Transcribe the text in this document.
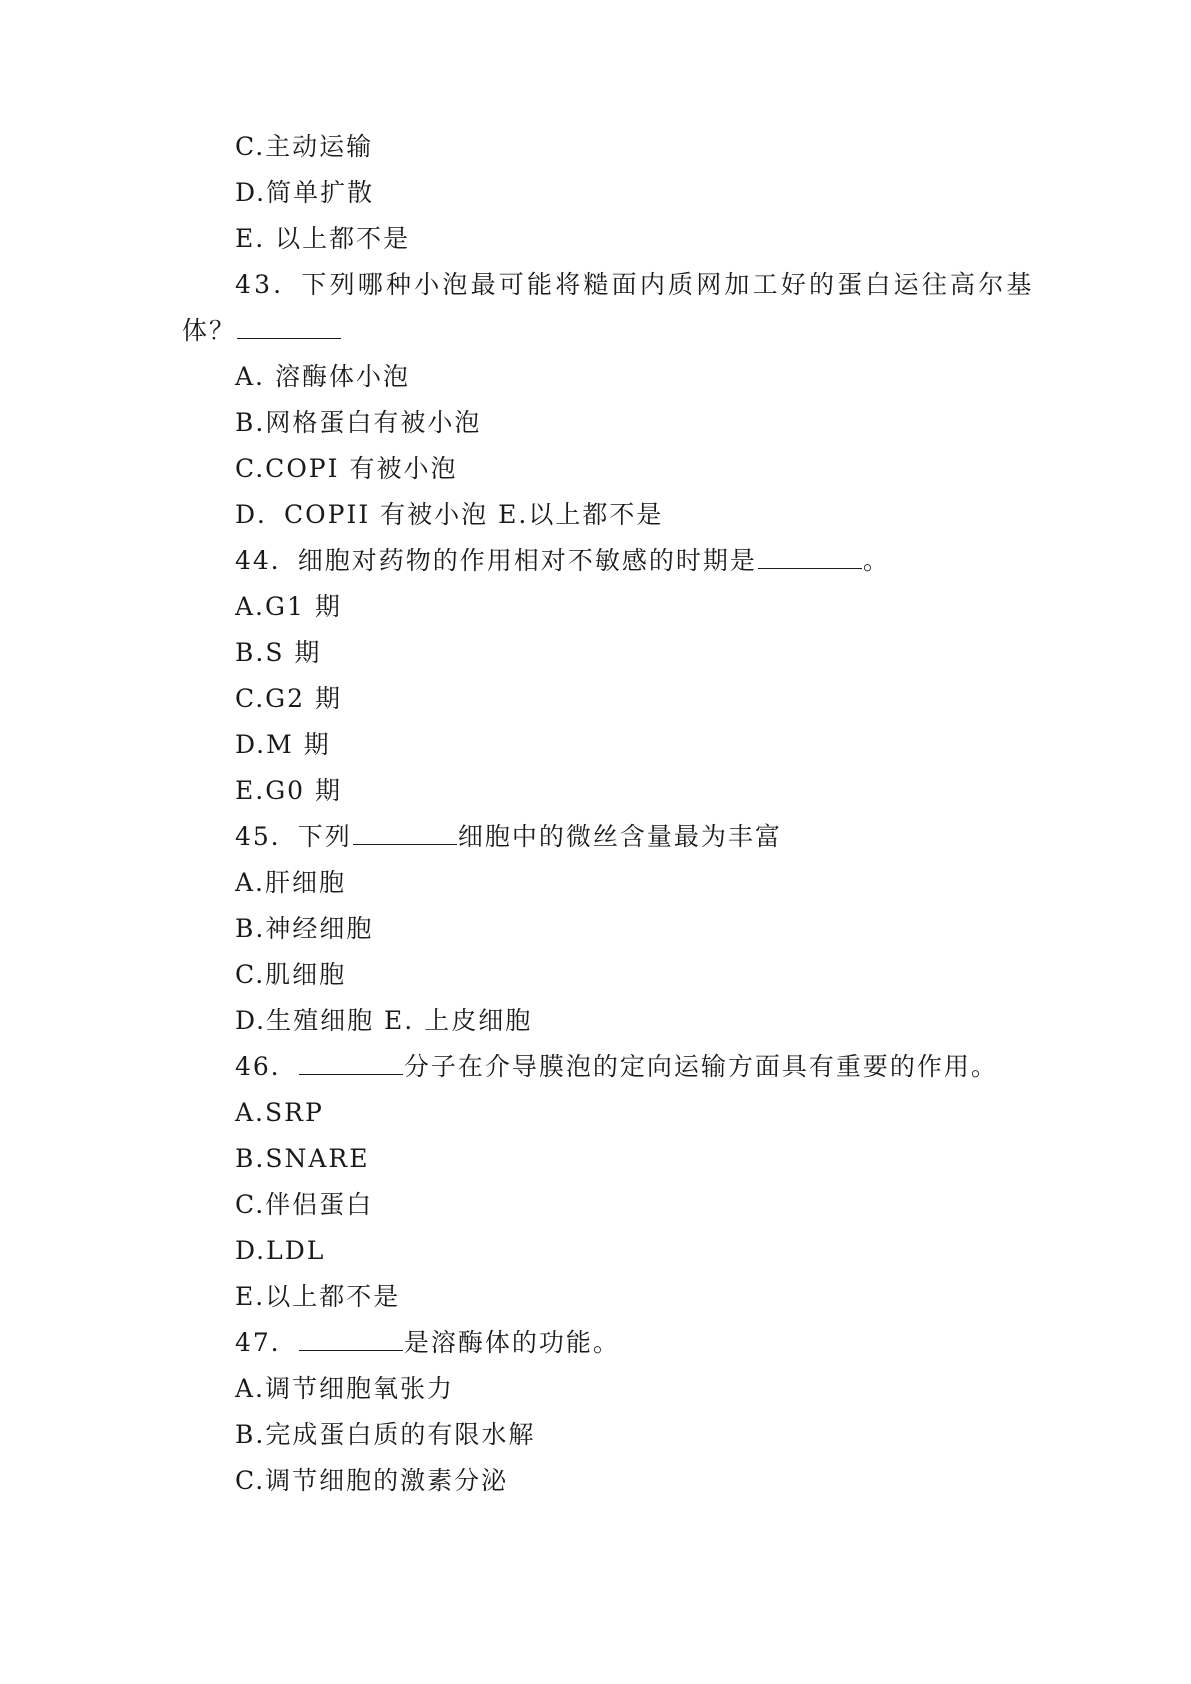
C.主动运输
D.简单扩散
E. 以上都不是
43．下列哪种小泡最可能将糙面内质网加工好的蛋白运往高尔基
体？
A. 溶酶体小泡
B.网格蛋白有被小泡
C.COPI 有被小泡
D．COPII 有被小泡 E.以上都不是
44．细胞对药物的作用相对不敏感的时期是	。
A.G1 期
B.S 期
C.G2 期
D.M 期
E.G0 期
45．下列	细胞中的微丝含量最为丰富
A.肝细胞
B.神经细胞
C.肌细胞
D.生殖细胞 E. 上皮细胞
46．	分子在介导膜泡的定向运输方面具有重要的作用。
A.SRP
B.SNARE
C.伴侣蛋白
D.LDL
E.以上都不是
47．	是溶酶体的功能。
A.调节细胞氧张力
B.完成蛋白质的有限水解
C.调节细胞的激素分泌
